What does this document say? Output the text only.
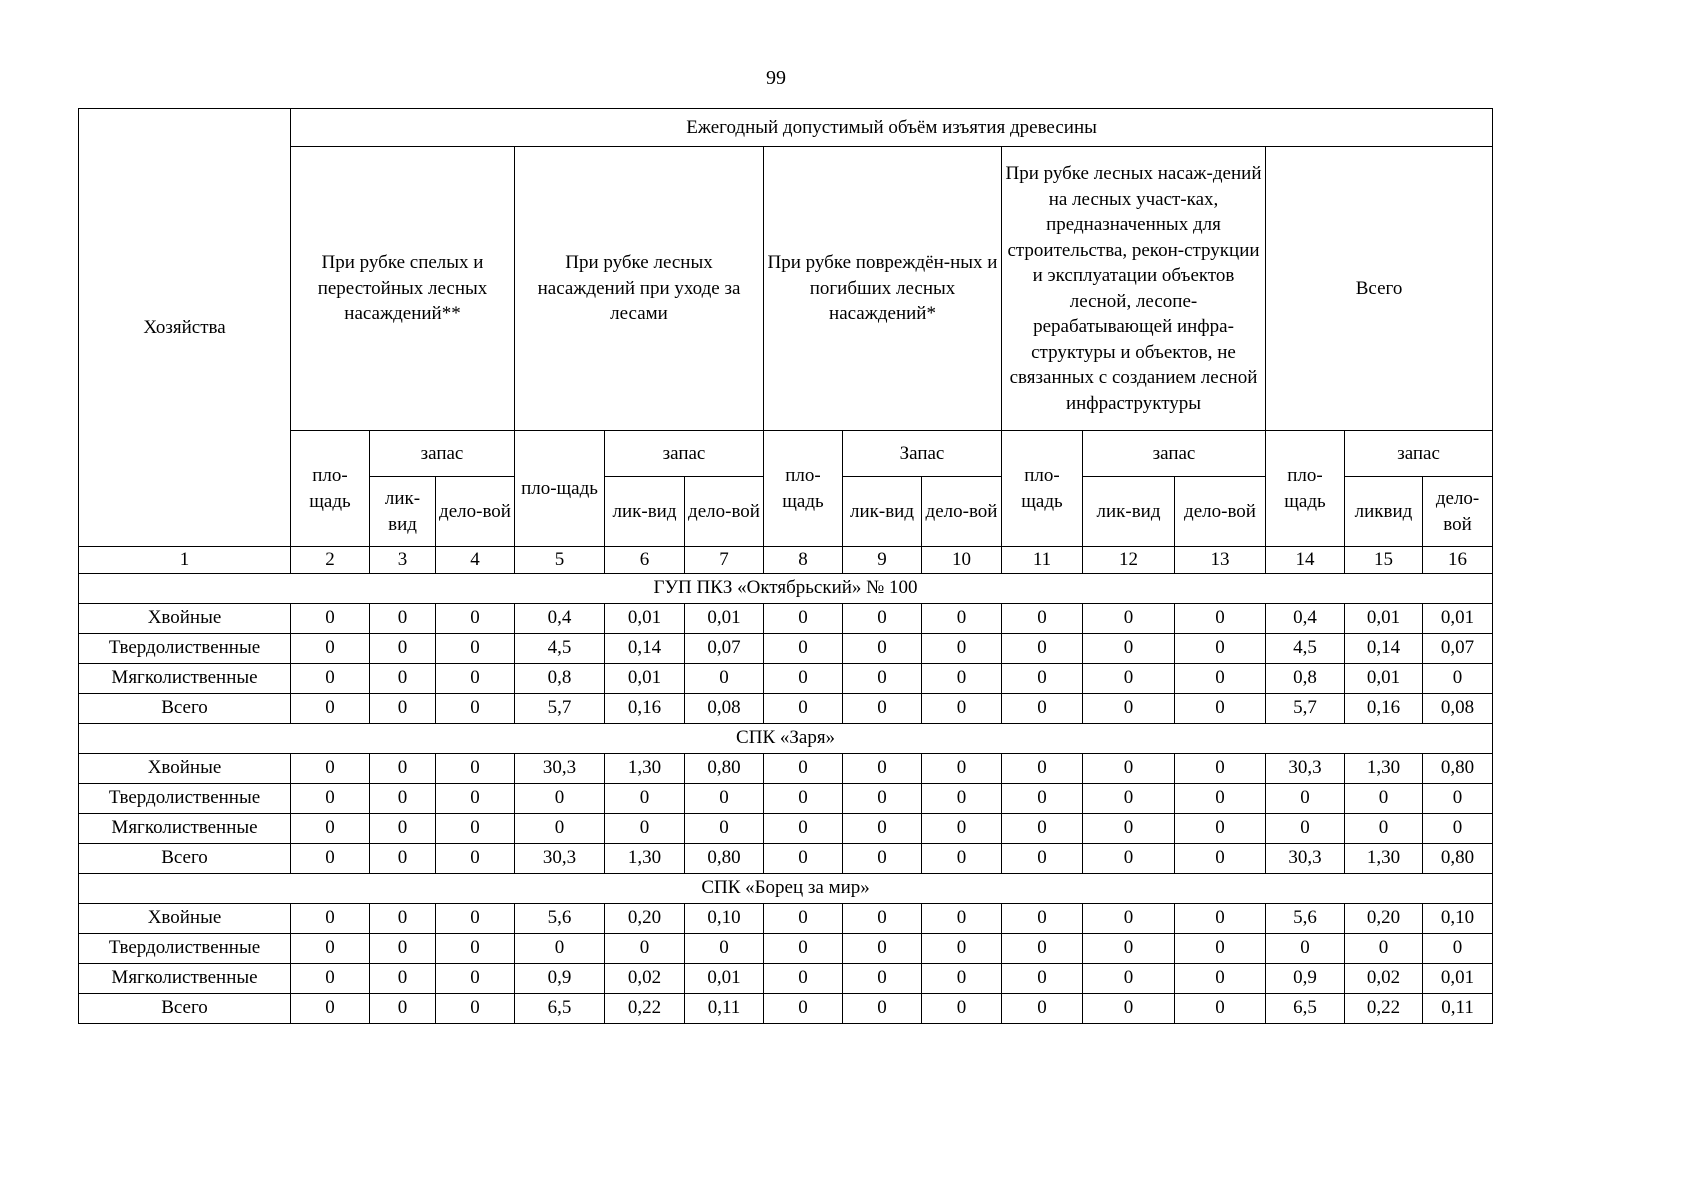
99
Хозяйства	Ежегодный допустимый объём изъятия древесины														
	При рубке спелых и перестойных лесных насаждений**			При рубке лесных насаждений при уходе за лесами			При рубке повреждён-ных и погибших лесных насаждений*			При рубке лесных насаж-дений на лесных участ-ках, предназначенных для строительства, рекон-струкции и эксплуатации объектов лесной, лесопе-рерабатывающей инфра-структуры и объектов, не связанных с созданием лесной инфраструктуры			Всего		
	пло-щадь	запас		пло-щадь	запас		пло-щадь	Запас		пло-щадь	запас		пло-щадь	запас	
		лик-вид	дело-вой		лик-вид	дело-вой		лик-вид	дело-вой		лик-вид	дело-вой		ликвид	дело-вой
1	2	3	4	5	6	7	8	9	10	11	12	13	14	15	16
ГУП ПКЗ «Октябрьский» № 100															
Хвойные	0	0	0	0,4	0,01	0,01	0	0	0	0	0	0	0,4	0,01	0,01
Твердолиственные	0	0	0	4,5	0,14	0,07	0	0	0	0	0	0	4,5	0,14	0,07
Мягколиственные	0	0	0	0,8	0,01	0	0	0	0	0	0	0	0,8	0,01	0
Всего	0	0	0	5,7	0,16	0,08	0	0	0	0	0	0	5,7	0,16	0,08
СПК «Заря»															
Хвойные	0	0	0	30,3	1,30	0,80	0	0	0	0	0	0	30,3	1,30	0,80
Твердолиственные	0	0	0	0	0	0	0	0	0	0	0	0	0	0	0
Мягколиственные	0	0	0	0	0	0	0	0	0	0	0	0	0	0	0
Всего	0	0	0	30,3	1,30	0,80	0	0	0	0	0	0	30,3	1,30	0,80
СПК «Борец за мир»															
Хвойные	0	0	0	5,6	0,20	0,10	0	0	0	0	0	0	5,6	0,20	0,10
Твердолиственные	0	0	0	0	0	0	0	0	0	0	0	0	0	0	0
Мягколиственные	0	0	0	0,9	0,02	0,01	0	0	0	0	0	0	0,9	0,02	0,01
Всего	0	0	0	6,5	0,22	0,11	0	0	0	0	0	0	6,5	0,22	0,11
